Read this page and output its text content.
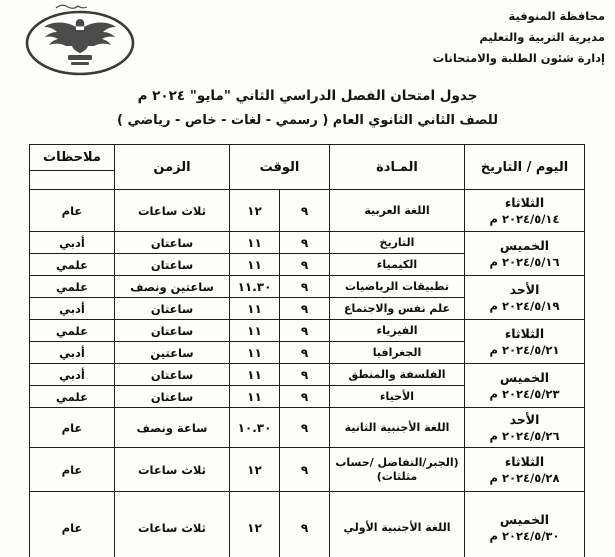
محافظة المنوفية
مديرية التربية والتعليم
إدارة شئون الطلبة والامتحانات
جدول امتحان الفصل الدراسي الثاني "مايو" ٢٠٢٤ م
للصف الثاني الثانوي العام ( رسمي - لغات - خاص - رياضي )
اليوم / التاريخ	المـادة	الوقت		الزمن	ملاحظات

الثلاثاء
٢٠٢٤/٥/١٤ م	اللغة العربية	٩	١٢	ثلاث ساعات	عام

الخميس
٢٠٢٤/٥/١٦ م	التاريخ	٩	١١	ساعتان	أدبي
	الكيمياء	٩	١١	ساعتان	علمي

الأحد
٢٠٢٤/٥/١٩ م	تطبيقات الرياضيات	٩	١١.٣٠	ساعتين ونصف	علمي
	علم نفس والاجتماع	٩	١١	ساعتان	أدبي

الثلاثاء
٢٠٢٤/٥/٢١ م	الفيزياء	٩	١١	ساعتان	علمي
	الجغرافيا	٩	١١	ساعتين	أدبي

الخميس
٢٠٢٤/٥/٢٣ م	الفلسفة والمنطق	٩	١١	ساعتان	أدبي
	الأحياء	٩	١١	ساعتان	علمي

الأحد
٢٠٢٤/٥/٢٦ م	اللغة الأجنبية الثانية	٩	١٠.٣٠	ساعة ونصف	عام

الثلاثاء
٢٠٢٤/٥/٢٨ م	(الجبر/التفاضل /حساب مثلثات)	٩	١٢	ثلاث ساعات	عام

الخميس
٢٠٢٤/٥/٣٠ م	اللغة الأجنبية الأولي	٩	١٢	ثلاث ساعات	عام
